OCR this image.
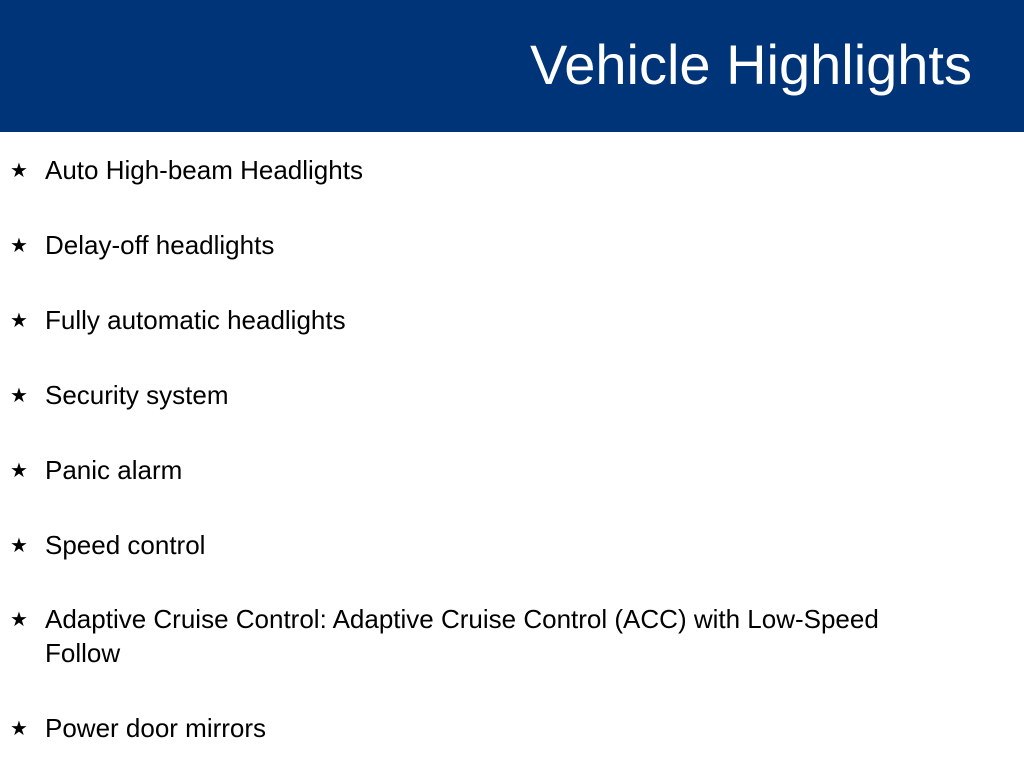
Vehicle Highlights
★ Auto High-beam Headlights
★ Delay-off headlights
★ Fully automatic headlights
★ Security system
★ Panic alarm
★ Speed control
★ Adaptive Cruise Control: Adaptive Cruise Control (ACC) with Low-Speed Follow
★ Power door mirrors
